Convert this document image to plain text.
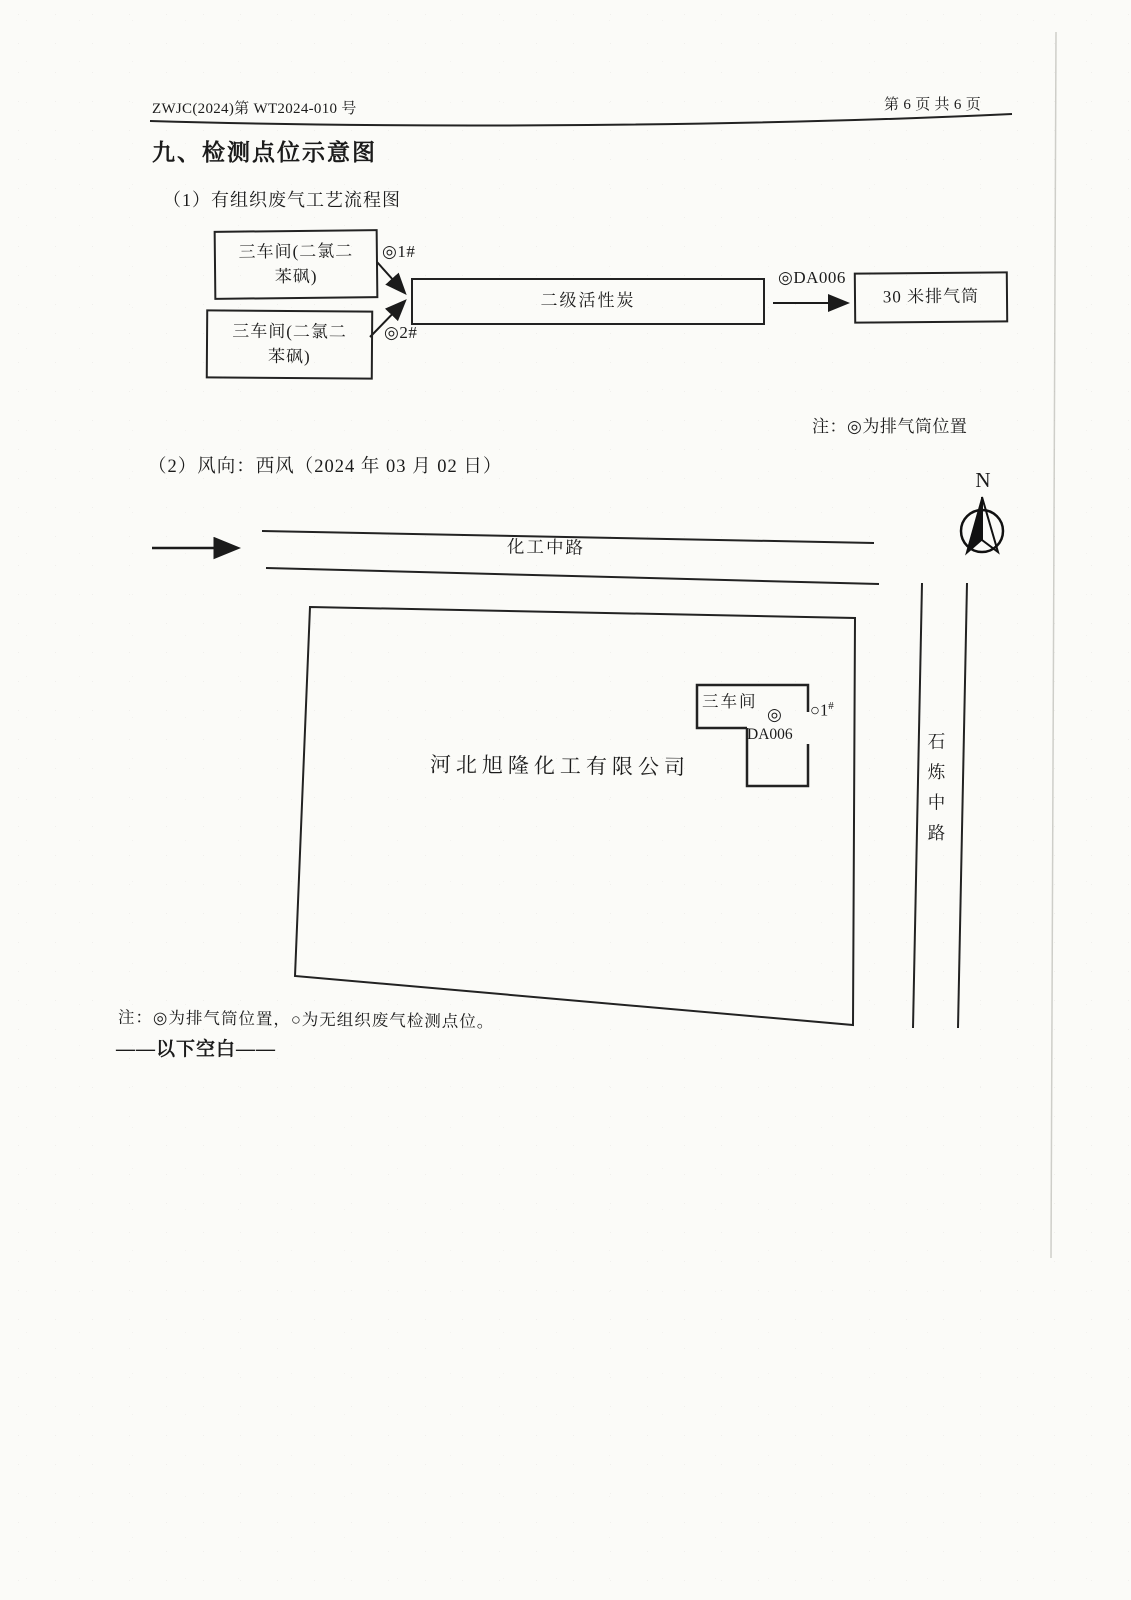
ZWJC(2024)第 WT2024-010 号	第 6 页 共 6 页
九、检测点位示意图
（1）有组织废气工艺流程图
三车间(二氯二
苯砜)
三车间(二氯二
苯砜)
◎1#
◎2#
二级活性炭
◎DA006
30 米排气筒
注：◎为排气筒位置
（2）风向：西风（2024 年 03 月 02 日）
N
化工中路
河北旭隆化工有限公司
三车间
◎
DA006
○1#
石炼中路
注：◎为排气筒位置，○为无组织废气检测点位。
——以下空白——
